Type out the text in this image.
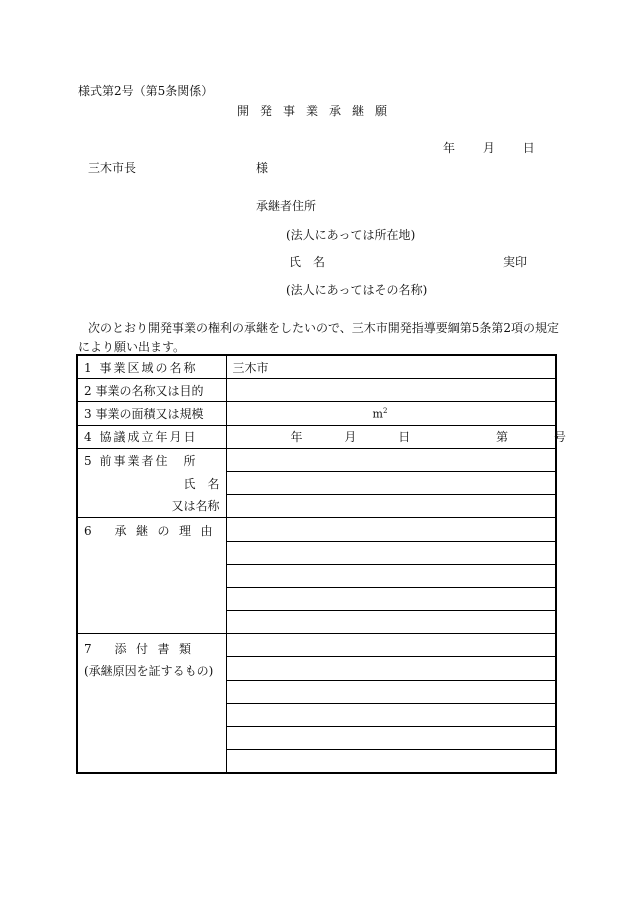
様式第2号（第5条関係）
開発事業承継願
年 月 日
三木市長	様
承継者住所
(法人にあっては所在地)
氏名	実印
(法人にあってはその名称)
次のとおり開発事業の権利の承継をしたいので、三木市開発指導要綱第5条第2項の規定
により願い出ます。
1 事業区域の名称	三木市
2 事業の名称又は目的	
3 事業の面積又は規模	$m^2$
4 協議成立年月日	年 月 日 第 号
5 前事業者住　所	
氏　名	
又は名称	
6 承継の理由	

7 添付書類
(承継原因を証するもの)	
